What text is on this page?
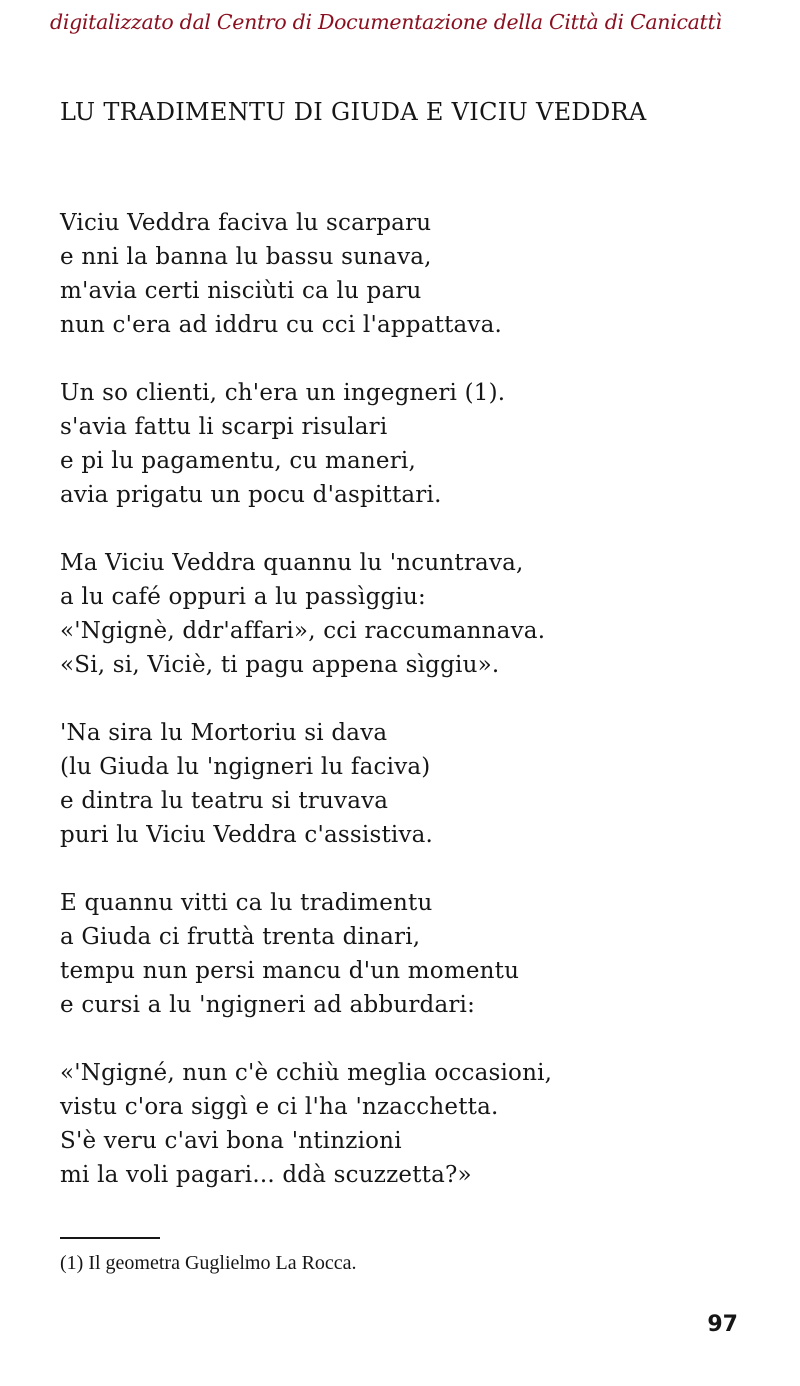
digitalizzato dal Centro di Documentazione della Città di Canicattì
LU TRADIMENTU DI GIUDA E VICIU VEDDRA
Viciu Veddra faciva lu scarparu
e nni la banna lu bassu sunava,
m'avia certi nisciùti ca lu paru
nun c'era ad iddru cu cci l'appattava.
Un so clienti, ch'era un ingegneri (1).
s'avia fattu li scarpi risulari
e pi lu pagamentu, cu maneri,
avia prigatu un pocu d'aspittari.
Ma Viciu Veddra quannu lu 'ncuntrava,
a lu café oppuri a lu passìggiu:
«'Ngignè, ddr'affari», cci raccumannava.
«Si, si, Viciè, ti pagu appena sìggiu».
'Na sira lu Mortoriu si dava
(lu Giuda lu 'ngigneri lu faciva)
e dintra lu teatru si truvava
puri lu Viciu Veddra c'assistiva.
E quannu vitti ca lu tradimentu
a Giuda ci fruttà trenta dinari,
tempu nun persi mancu d'un momentu
e cursi a lu 'ngigneri ad abburdari:
«'Ngigné, nun c'è cchiù meglia occasioni,
vistu c'ora siggì e ci l'ha 'nzacchetta.
S'è veru c'avi bona 'ntinzioni
mi la voli pagari... ddà scuzzetta?»
(1) Il geometra Guglielmo La Rocca.
97
